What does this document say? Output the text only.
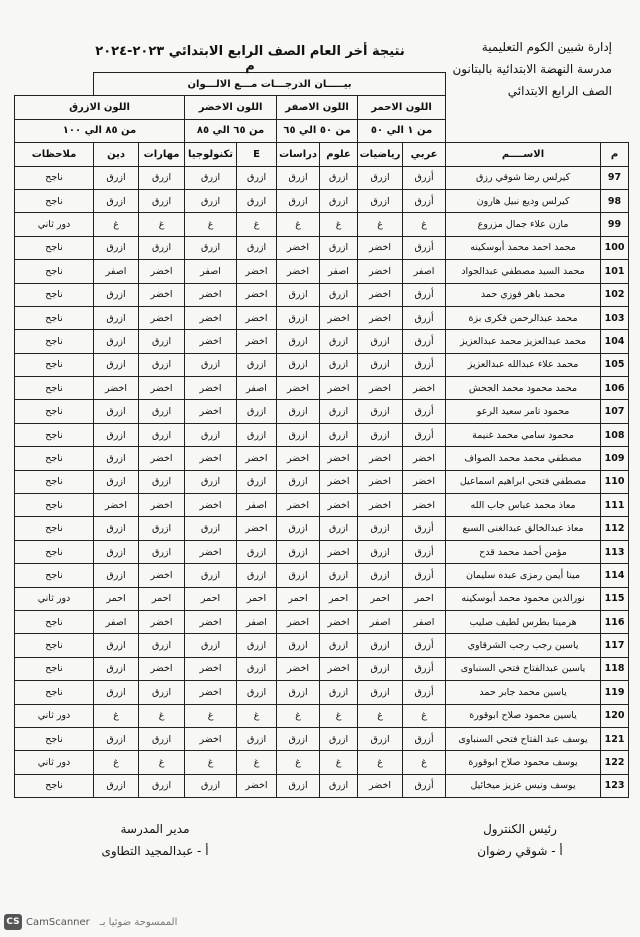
إدارة شبين الكوم التعليمية
مدرسة النهضة الابتدائية بالبتانون
الصف الرابع الابتدائي
نتيجة أخر العام الصف الرابع الابتدائي ٢٠٢٣-٢٠٢٤ م
		بيـــــان الدرجـــات مـــع الالـــوان								
		اللون الاحمر		اللون الاصفر		اللون الاخضر		اللون الازرق		
		من ١ الي ٥٠		من ٥٠ الي ٦٥		من ٦٥ الي ٨٥		من ٨٥ الي ١٠٠		
م	الاســــم	عربي	رياضيات	علوم	دراسات	E	تكنولوجيا	مهارات	دين	ملاحظات
97	كيرلس رضا شوقي رزق	أزرق	ازرق	ازرق	ازرق	ازرق	ازرق	ازرق	ازرق	ناجح
98	كيرلس وديع نبيل هارون	أزرق	ازرق	ازرق	ازرق	ازرق	ازرق	ازرق	ازرق	ناجح
99	مازن علاء جمال مزروع	غ	غ	غ	غ	غ	غ	غ	غ	دور ثاني
100	محمد احمد محمد أبوسكينه	أزرق	اخضر	ازرق	اخضر	ازرق	ازرق	ازرق	ازرق	ناجح
101	محمد السيد مصطفي عبدالجواد	اصفر	اخضر	اصفر	اخضر	اخضر	اصفر	اخضر	اصفر	ناجح
102	محمد باهر فوزي حمد	أزرق	اخضر	ازرق	ازرق	اخضر	اخضر	اخضر	ازرق	ناجح
103	محمد عبدالرحمن فكرى بزة	أزرق	اخضر	اخضر	ازرق	اخضر	اخضر	اخضر	ازرق	ناجح
104	محمد عبدالعزيز محمد عبدالعزيز	أزرق	ازرق	ازرق	ازرق	اخضر	اخضر	ازرق	ازرق	ناجح
105	محمد علاء عبدالله عبدالعزيز	أزرق	ازرق	ازرق	ازرق	ازرق	ازرق	ازرق	ازرق	ناجح
106	محمد محمود محمد الجحش	اخضر	اخضر	اخضر	اخضر	اصفر	اخضر	اخضر	اخضر	ناجح
107	محمود تامر سعيد الرعو	أزرق	ازرق	ازرق	ازرق	ازرق	اخضر	ازرق	ازرق	ناجح
108	محمود سامي محمد غنيمة	أزرق	ازرق	ازرق	ازرق	ازرق	ازرق	ازرق	ازرق	ناجح
109	مصطفي محمد محمد الصواف	اخضر	اخضر	اخضر	اخضر	اخضر	اخضر	اخضر	ازرق	ناجح
110	مصطفي فتحي ابراهيم اسماعيل	اخضر	اخضر	اخضر	ازرق	ازرق	ازرق	ازرق	ازرق	ناجح
111	معاذ محمد عباس جاب الله	اخضر	اخضر	اخضر	اخضر	اصفر	اخضر	اخضر	اخضر	ناجح
112	معاذ عبدالخالق عبدالغنى السبع	أزرق	ازرق	ازرق	ازرق	اخضر	ازرق	ازرق	ازرق	ناجح
113	مؤمن أحمد محمد قدح	أزرق	ازرق	اخضر	ازرق	ازرق	اخضر	ازرق	ازرق	ناجح
114	مينا أيمن رمزى عبده سليمان	أزرق	ازرق	ازرق	ازرق	ازرق	ازرق	اخضر	ازرق	ناجح
115	نورالدين محمود محمد أبوسكينه	احمر	احمر	احمر	احمر	احمر	احمر	احمر	احمر	دور ثاني
116	هرمينا بطرس لطيف صليب	اصفر	اصفر	اخضر	اخضر	اصفر	اخضر	اخضر	اصفر	ناجح
117	ياسين رجب رجب الشرقاوي	أزرق	ازرق	ازرق	ازرق	ازرق	ازرق	ازرق	ازرق	ناجح
118	ياسين عبدالفتاح فتحي السنباوى	أزرق	ازرق	اخضر	اخضر	ازرق	اخضر	اخضر	ازرق	ناجح
119	ياسين محمد جابر حمد	أزرق	ازرق	ازرق	ازرق	ازرق	اخضر	ازرق	ازرق	ناجح
120	ياسين محمود صلاح ابوقورة	غ	غ	غ	غ	غ	غ	غ	غ	دور ثاني
121	يوسف عبد الفتاح فتحي السنباوى	أزرق	ازرق	ازرق	ازرق	ازرق	اخضر	ازرق	ازرق	ناجح
122	يوسف محمود صلاح ابوقورة	غ	غ	غ	غ	غ	غ	غ	غ	دور ثاني
123	يوسف ونيس عزيز ميخائيل	أزرق	اخضر	ازرق	ازرق	اخضر	ازرق	ازرق	ازرق	ناجح
رئيس الكنترول
أ - شوقي رضوان
مدير المدرسة
أ - عبدالمجيد التطاوى
CS CamScanner الممسوحة ضوئيا بـ
